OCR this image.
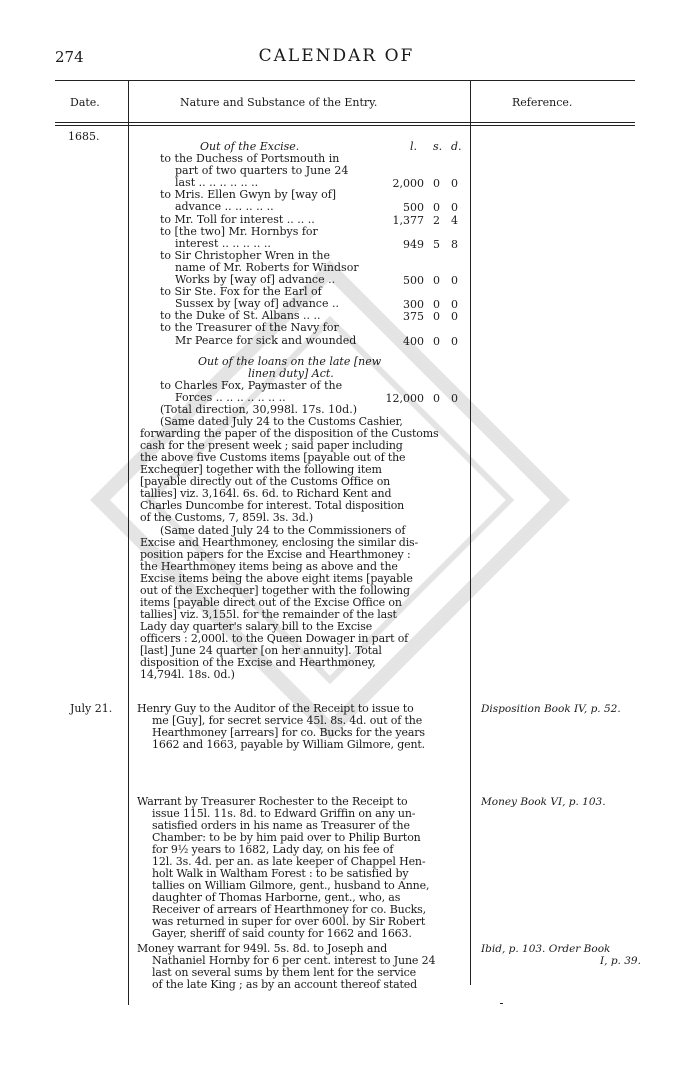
274	CALENDAR OF
Date.	Nature and Substance of the Entry.	Reference.
1685.
Out of the Excise.	l. s. d.
to the Duchess of Portsmouth in
part of two quarters to June 24
last .. .. .. .. .. ..	2,000 0 0
to Mris. Ellen Gwyn by [way of]
advance .. .. .. .. ..	500 0 0
to Mr. Toll for interest .. .. ..	1,377 2 4
to [the two] Mr. Hornbys for
interest .. .. .. .. ..	949 5 8
to Sir Christopher Wren in the
name of Mr. Roberts for Windsor
Works by [way of] advance ..	500 0 0
to Sir Ste. Fox for the Earl of
Sussex by [way of] advance ..	300 0 0
to the Duke of St. Albans .. ..	375 0 0
to the Treasurer of the Navy for
Mr Pearce for sick and wounded	400 0 0
Out of the loans on the late [new
linen duty] Act.
to Charles Fox, Paymaster of the
Forces .. .. .. .. .. .. ..	12,000 0 0
(Total direction, 30,998l. 17s. 10d.)
(Same dated July 24 to the Customs Cashier,
forwarding the paper of the disposition of the Customs
cash for the present week ; said paper including
the above five Customs items [payable out of the
Exchequer] together with the following item
[payable directly out of the Customs Office on
tallies] viz. 3,164l. 6s. 6d. to Richard Kent and
Charles Duncombe for interest. Total disposition
of the Customs, 7, 859l. 3s. 3d.)
(Same dated July 24 to the Commissioners of
Excise and Hearthmoney, enclosing the similar dis-
position papers for the Excise and Hearthmoney :
the Hearthmoney items being as above and the
Excise items being the above eight items [payable
out of the Exchequer] together with the following
items [payable direct out of the Excise Office on
tallies] viz. 3,155l. for the remainder of the last
Lady day quarter's salary bill to the Excise
officers : 2,000l. to the Queen Dowager in part of
[last] June 24 quarter [on her annuity]. Total
disposition of the Excise and Hearthmoney,
14,794l. 18s. 0d.)
July 21. Henry Guy to the Auditor of the Receipt to issue to
me [Guy], for secret service 45l. 8s. 4d. out of the
Hearthmoney [arrears] for co. Bucks for the years
1662 and 1663, payable by William Gilmore, gent.
Disposition Book IV, p. 52.
Warrant by Treasurer Rochester to the Receipt to
issue 115l. 11s. 8d. to Edward Griffin on any un-
satisfied orders in his name as Treasurer of the
Chamber: to be by him paid over to Philip Burton
for 9½ years to 1682, Lady day, on his fee of
12l. 3s. 4d. per an. as late keeper of Chappel Hen-
holt Walk in Waltham Forest : to be satisfied by
tallies on William Gilmore, gent., husband to Anne,
daughter of Thomas Harborne, gent., who, as
Receiver of arrears of Hearthmoney for co. Bucks,
was returned in super for over 600l. by Sir Robert
Gayer, sheriff of said county for 1662 and 1663.
Money Book VI, p. 103.
Money warrant for 949l. 5s. 8d. to Joseph and
Nathaniel Hornby for 6 per cent. interest to June 24
last on several sums by them lent for the service
of the late King ; as by an account thereof stated
Ibid, p. 103. Order Book
I, p. 39.
